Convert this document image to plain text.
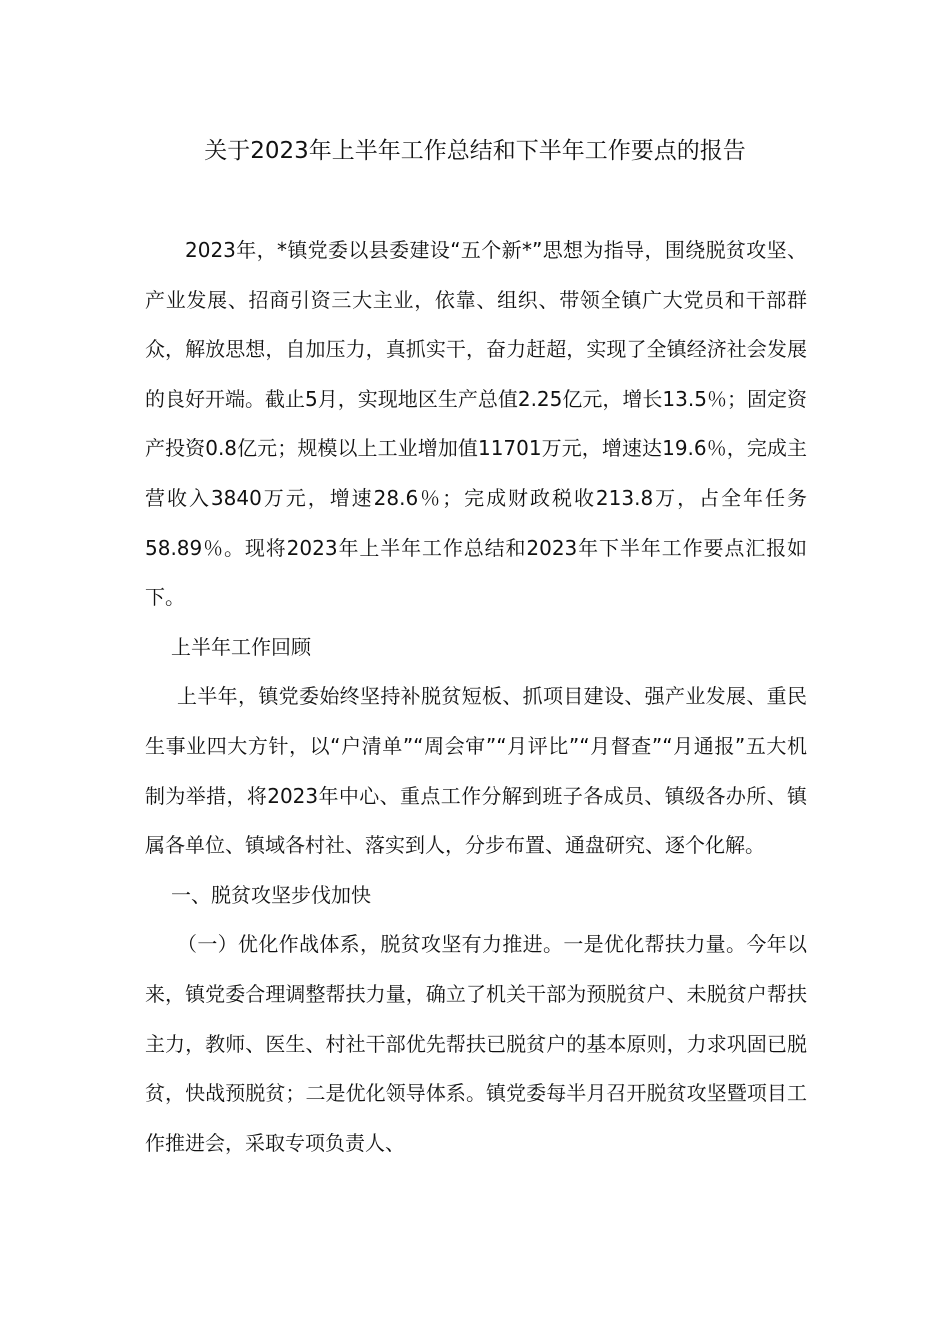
关于2023年上半年工作总结和下半年工作要点的报告

2023年，*镇党委以县委建设“五个新*”思想为指导，围绕脱贫攻坚、产业发展、招商引资三大主业，依靠、组织、带领全镇广大党员和干部群众，解放思想，自加压力，真抓实干，奋力赶超，实现了全镇经济社会发展的良好开端。截止5月，实现地区生产总值2.25亿元，增长13.5％；固定资产投资0.8亿元；规模以上工业增加值11701万元，增速达19.6％，完成主营收入3840万元，增速28.6％；完成财政税收213.8万，占全年任务58.89％。现将2023年上半年工作总结和2023年下半年工作要点汇报如下。

上半年工作回顾

上半年，镇党委始终坚持补脱贫短板、抓项目建设、强产业发展、重民生事业四大方针，以“户清单”“周会审”“月评比”“月督查”“月通报”五大机制为举措，将2023年中心、重点工作分解到班子各成员、镇级各办所、镇属各单位、镇域各村社、落实到人，分步布置、通盘研究、逐个化解。

一、脱贫攻坚步伐加快

（一）优化作战体系，脱贫攻坚有力推进。一是优化帮扶力量。今年以来，镇党委合理调整帮扶力量，确立了机关干部为预脱贫户、未脱贫户帮扶主力，教师、医生、村社干部优先帮扶已脱贫户的基本原则，力求巩固已脱贫，快战预脱贫；二是优化领导体系。镇党委每半月召开脱贫攻坚暨项目工作推进会，采取专项负责人、
